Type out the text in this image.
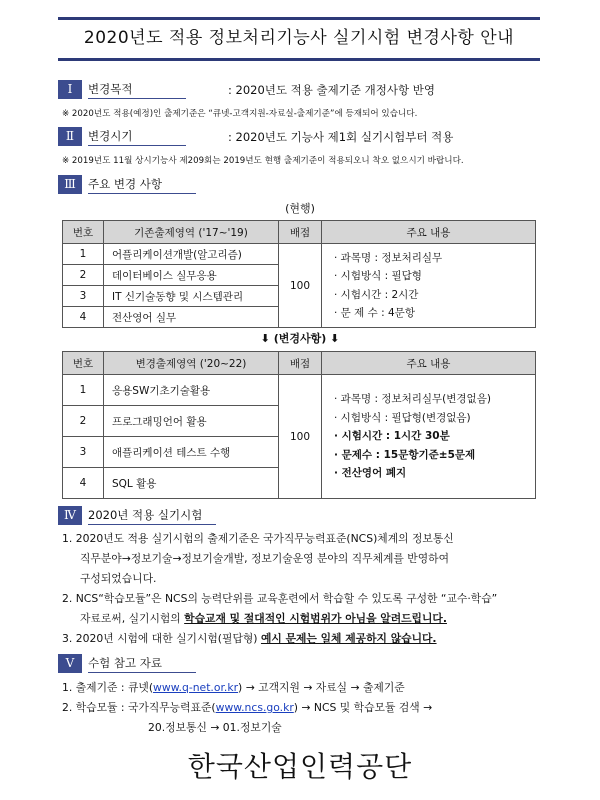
2020년도 적용 정보처리기능사 실기시험 변경사항 안내
Ⅰ	변경목적	: 2020년도 적용 출제기준 개정사항 반영
※ 2020년도 적용(예정)인 출제기준은 “큐넷-고객지원-자료실-출제기준”에 등재되어 있습니다.
Ⅱ	변경시기	: 2020년도 기능사 제1회 실기시험부터 적용
※ 2019년도 11월 상시기능사 제209회는 2019년도 현행 출제기준이 적용되오니 착오 없으시기 바랍니다.
Ⅲ	주요 변경 사항
(현행)
번호	기존출제영역 ('17~'19)	배점	주요 내용
1	어플리케이션개발(알고리즘)	100	· 과목명 : 정보처리실무
· 시험방식 : 필답형
· 시험시간 : 2시간
· 문 제 수 : 4문항

2	데이터베이스 실무응용		
3	IT 신기술동향 및 시스템관리		
4	전산영어 실무		
⬇ (변경사항) ⬇
번호	변경출제영역 ('20~22)	배점	주요 내용
1	응용SW기초기술활용	100	· 과목명 : 정보처리실무(변경없음)
· 시험방식 : 필답형(변경없음)
· 시험시간 : 1시간 30분
· 문제수 : 15문항기준±5문제
· 전산영어 폐지

2	프로그래밍언어 활용		
3	애플리케이션 테스트 수행		
4	SQL 활용		
Ⅳ	2020년 적용 실기시험
1. 2020년도 적용 실기시험의 출제기준은 국가직무능력표준(NCS)체계의 정보통신
직무분야→정보기술→정보기술개발, 정보기술운영 분야의 직무체계를 반영하여
구성되었습니다.
2. NCS“학습모듈”은 NCS의 능력단위를 교육훈련에서 학습할 수 있도록 구성한 “교수·학습”
자료로써, 실기시험의 학습교재 및 절대적인 시험범위가 아님을 알려드립니다.
3. 2020년 시험에 대한 실기시험(필답형) 예시 문제는 일체 제공하지 않습니다.
Ⅴ	수험 참고 자료
1. 출제기준 : 큐넷(www.q-net.or.kr) → 고객지원 → 자료실 → 출제기준
2. 학습모듈 : 국가직무능력표준(www.ncs.go.kr) → NCS 및 학습모듈 검색 →
20.정보통신 → 01.정보기술
한국산업인력공단
